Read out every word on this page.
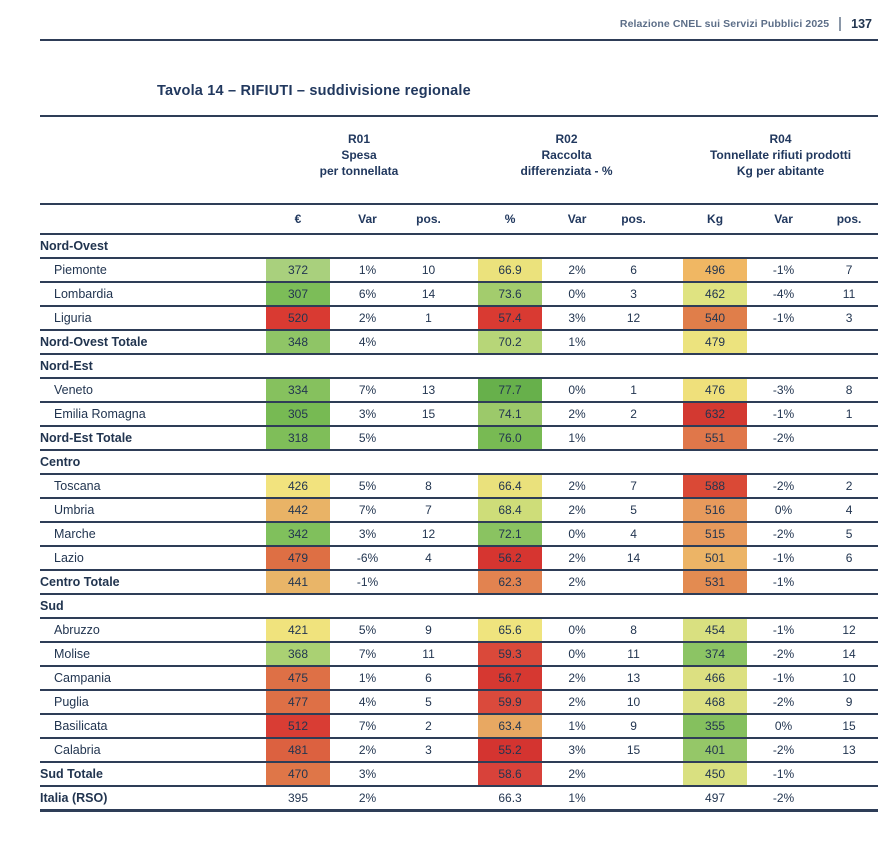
Relazione CNEL sui Servizi Pubblici 2025 137
Tavola 14 – RIFIUTI – suddivisione regionale

R01
Spesa
per tonnellata

R02
Raccolta
differenziata - %

R04
Tonnellate rifiuti prodotti
Kg per abitante

	€	Var	pos.		%	Var	pos.		Kg	Var	pos.
Nord-Ovest											
Piemonte	372	1%	10		66.9	2%	6		496	-1%	7
Lombardia	307	6%	14		73.6	0%	3		462	-4%	11
Liguria	520	2%	1		57.4	3%	12		540	-1%	3
Nord-Ovest Totale	348	4%			70.2	1%			479		
Nord-Est											
Veneto	334	7%	13		77.7	0%	1		476	-3%	8
Emilia Romagna	305	3%	15		74.1	2%	2		632	-1%	1
Nord-Est Totale	318	5%			76.0	1%			551	-2%	
Centro											
Toscana	426	5%	8		66.4	2%	7		588	-2%	2
Umbria	442	7%	7		68.4	2%	5		516	0%	4
Marche	342	3%	12		72.1	0%	4		515	-2%	5
Lazio	479	-6%	4		56.2	2%	14		501	-1%	6
Centro Totale	441	-1%			62.3	2%			531	-1%	
Sud											
Abruzzo	421	5%	9		65.6	0%	8		454	-1%	12
Molise	368	7%	11		59.3	0%	11		374	-2%	14
Campania	475	1%	6		56.7	2%	13		466	-1%	10
Puglia	477	4%	5		59.9	2%	10		468	-2%	9
Basilicata	512	7%	2		63.4	1%	9		355	0%	15
Calabria	481	2%	3		55.2	3%	15		401	-2%	13
Sud Totale	470	3%			58.6	2%			450	-1%	
Italia (RSO)	395	2%			66.3	1%			497	-2%	
